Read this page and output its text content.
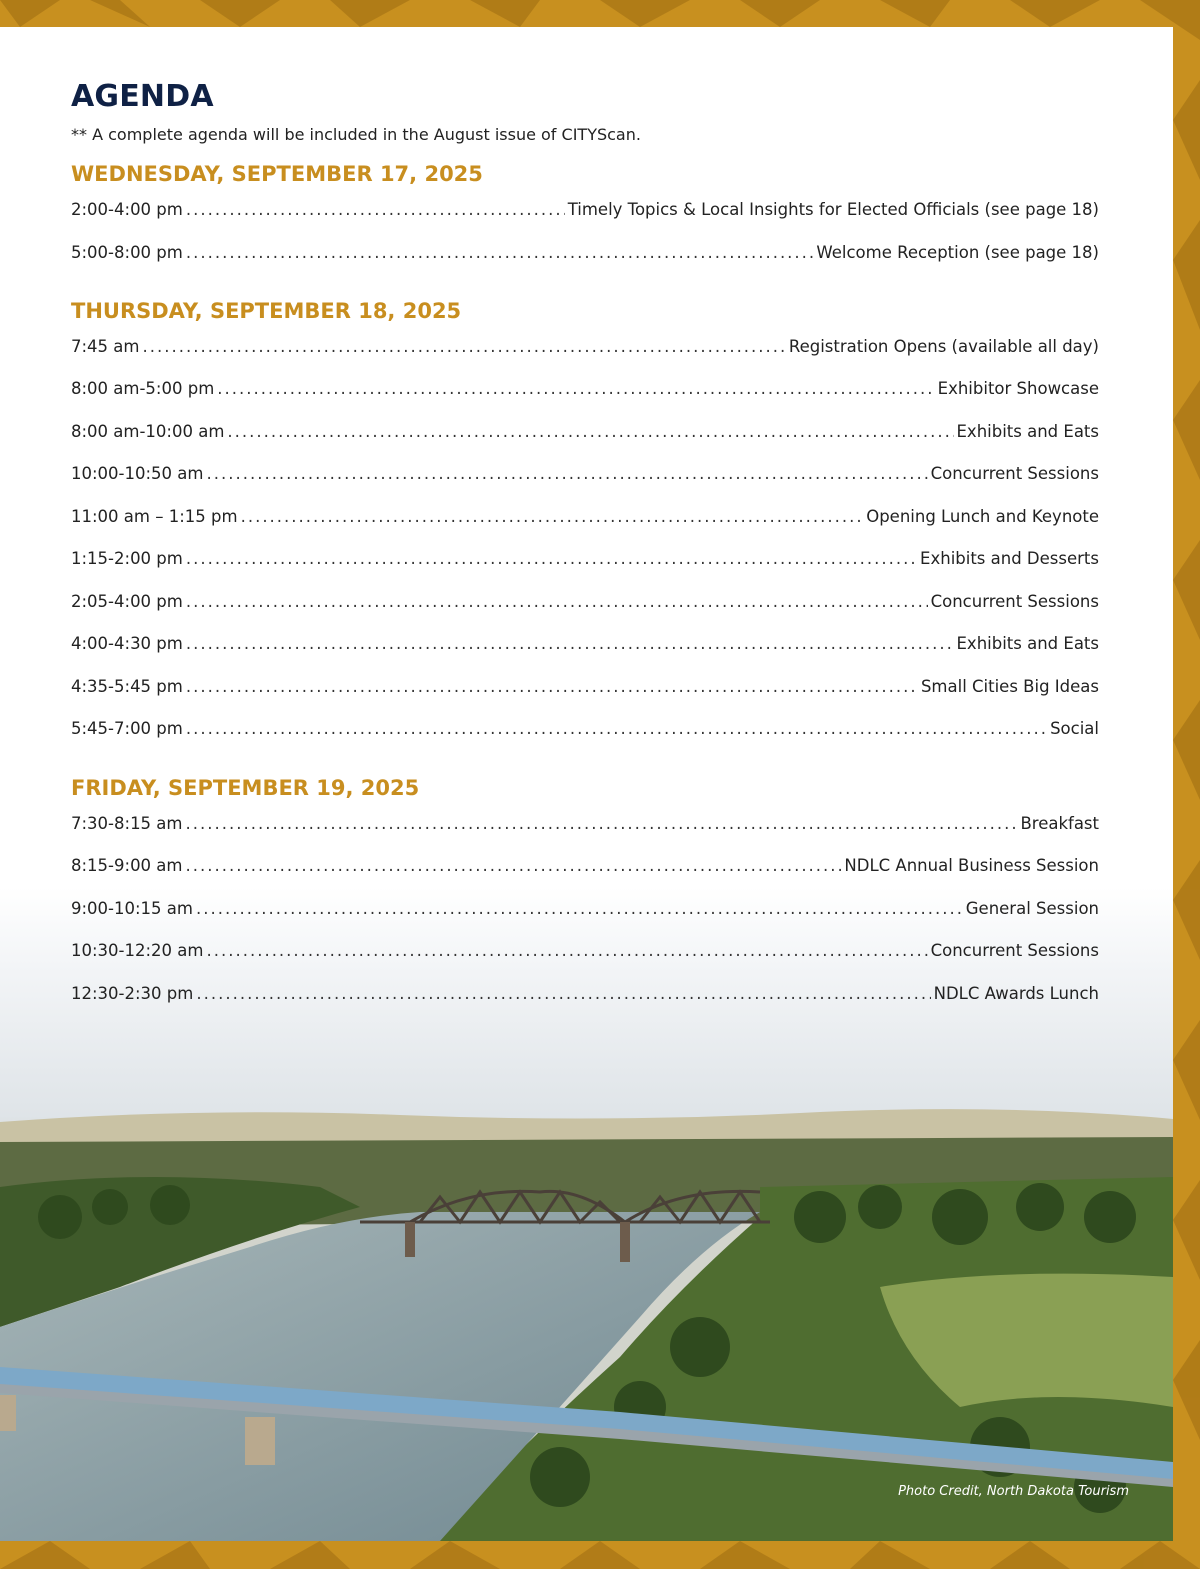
AGENDA
** A complete agenda will be included in the August issue of CITYScan.
WEDNESDAY, SEPTEMBER 17, 2025
2:00-4:00 pm .....	Timely Topics & Local Insights for Elected Officials (see page 18)
5:00-8:00 pm .....	Welcome Reception (see page 18)
THURSDAY, SEPTEMBER 18, 2025
7:45 am .....	Registration Opens (available all day)
8:00 am-5:00 pm .....	Exhibitor Showcase
8:00 am-10:00 am .....	Exhibits and Eats
10:00-10:50 am .....	Concurrent Sessions
11:00 am – 1:15 pm .....	Opening Lunch and Keynote
1:15-2:00 pm .....	Exhibits and Desserts
2:05-4:00 pm .....	Concurrent Sessions
4:00-4:30 pm .....	Exhibits and Eats
4:35-5:45 pm .....	Small Cities Big Ideas
5:45-7:00 pm .....	Social
FRIDAY, SEPTEMBER 19, 2025
7:30-8:15 am .....	Breakfast
8:15-9:00 am .....	NDLC Annual Business Session
9:00-10:15 am .....	General Session
10:30-12:20 am .....	Concurrent Sessions
12:30-2:30 pm .....	NDLC Awards Lunch
Photo Credit, North Dakota Tourism
